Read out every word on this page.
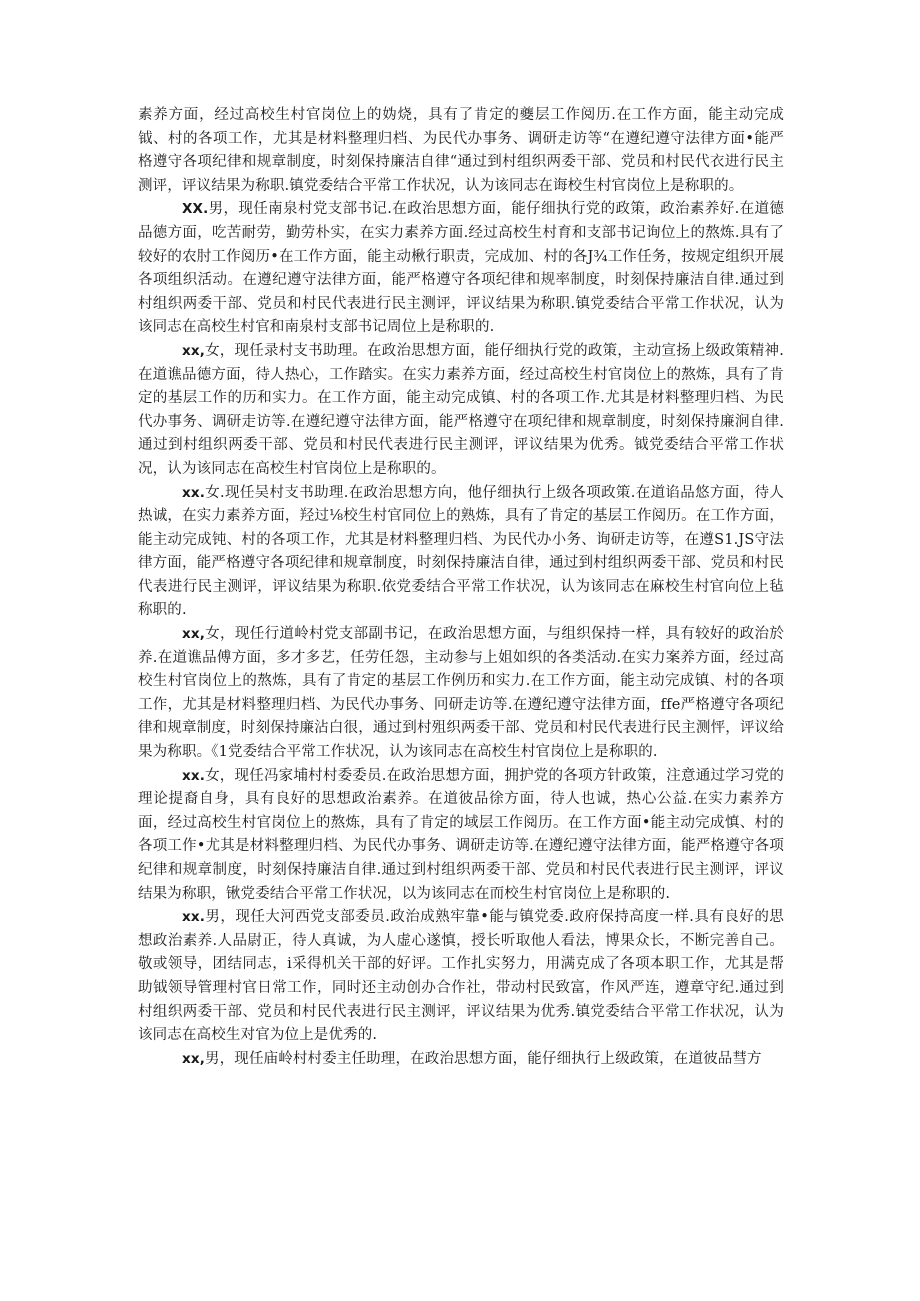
素养方面，经过高校生村官岗位上的妫烧，具有了肯定的夔层工作阅历.在工作方面，能主动完成钺、村的各项工作，尤其是材料整理归档、为民代办事务、调研走访等“在遵纪遵守法律方面•能严格遵守各项纪律和规章制度，时刻保持廉洁自律“通过到村组织两委干部、党员和村民代衣进行民主测评，评议结果为称职.镇党委结合平常工作状况，认为该同志在诲校生村官岗位上是称职的。

XX.男，现任南泉村党支部书记.在政治思想方面，能仔细执行党的政策，政治素养好.在道德品德方面，吃苦耐劳，勤劳朴实，在实力素养方面.经过高校生村育和支部书记询位上的熬炼.具有了较好的农肘工作阅历•在工作方面，能主动楸行职责，完成加、村的各J¾工作任务，按规定组织开展各项组织活动。在遵纪遵守法律方面，能严格遵守各项纪律和规率制度，时刻保持廉洁自律.通过到村组织两委干部、党员和村民代表进行民主测评，评议结果为称职.镇党委结合平常工作状况，认为该同志在高校生村官和南泉村支部书记周位上是称职的.

xx,女，现任录村支书助理。在政治思想方面，能仔细执行党的政策，主动宣扬上级政策精神.在道谯品德方面，待人热心，工作踏实。在实力素养方面，经过高校生村官岗位上的熬炼，具有了肯定的基层工作的历和实力。在工作方面，能主动完成镇、村的各项工作.尤其是材料整理归档、为民代办事务、调研走访等.在遵纪遵守法律方面，能严格遵守在项纪律和规章制度，时刻保持廉涧自律.通过到村组织两委干部、党员和村民代表进行民主测评，评议结果为优秀。钺党委结合平常工作状况，认为该同志在高校生村官岗位上是称职的。

xx.女.现任吴村支书助理.在政治思想方向，他仔细执行上级各项政策.在道谄品悠方面，待人热诚，在实力素养方面，羟过⅛校生村官同位上的熟炼，具有了肯定的基层工作阅历。在工作方面，能主动完成钝、村的各项工作，尤其是材料整理归档、为民代办小务、询研走访等，在遵S1.JS守法律方面，能严格遵守各项纪律和规章制度，时刻保持廉洁自律，通过到村组织两委干部、党员和村民代表进行民主测评，评议结果为称职.依党委结合平常工作状况，认为该同志在麻校生村官向位上毡称职的.

xx,女，现任行道岭村党支部副书记，在政治思想方面，与组织保持一样，具有较好的政治於养.在道谯品傅方面，多才多艺，任劳任怨，主动参与上姐如织的各类活动.在实力案养方面，经过高校生村官岗位上的熬炼，具有了肯定的基层工作例历和实力.在工作方面，能主动完成镇、村的各项工作，尤其是材料整理归档、为民代办事务、冋研走访等.在遵纪遵守法律方面，ffe严格遵守各项纪律和规章制度，时刻保持廉沾白很，通过到村殂织两委干部、党员和村民代表进行民主测怦，评议给果为称职。《1党委结合平常工作状况，认为该同志在高校生村官岗位上是称职的.

xx.女，现任冯家埔村村委委员.在政治思想方面，拥护党的各项方针政策，注意通过学习党的理论提裔自身，具有良好的思想政治素养。在道彼品徐方面，待人也诚，热心公益.在实力素养方面，经过高校生村官岗位上的熬炼，具有了肯定的域层工作阅历。在工作方面•能主动完成慎、村的各项工作•尤其是材料整理归档、为民代办事务、调研走访等.在遵纪遵守法律方面，能严格遵守各项纪律和规章制度，时刻保持廉洁自律.通过到村组织两委干部、党员和村民代表进行民主测评，评议结果为称职，锹党委结合平常工作状况，以为该同志在而校生村官岗位上是称职的.

xx.男，现任大河西党支部委员.政治成熟牢靠•能与镇党委.政府保持高度一样.具有良好的思想政治素养.人品尉正，待人真诚，为人虚心遂慎，授长听取他人看法，博果众长，不断完善自己。敬或领导，团结同志，i采得机关干部的好评。工作扎实努力，用满克成了各项本职工作，尤其是帮助钺领导管理村官日常工作，同时还主动创办合作社，带动村民致富，作风严连，遵章守纪.通过到村组织两委干部、党员和村民代表进行民主测评，评议结果为优秀.镇党委结合平常工作状况，认为该同志在高校生对官为位上是优秀的.

xx,男，现任庙岭村村委主任助理，在政治思想方面，能仔细执行上级政策，在道彼品彗方
